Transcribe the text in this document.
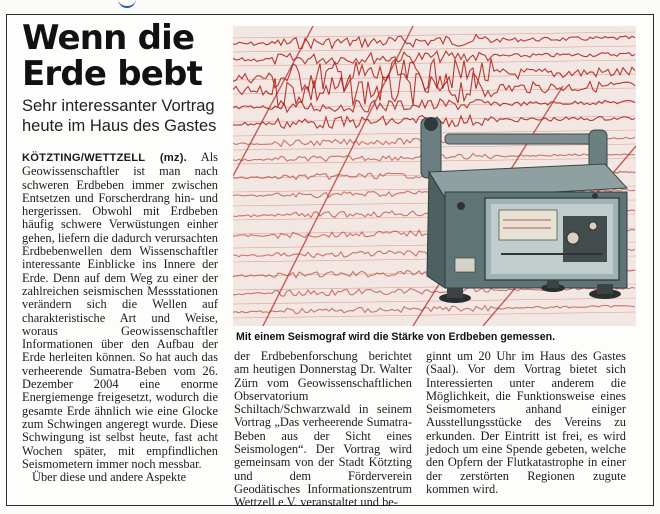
Wenn die Erde bebt
Sehr interessanter Vortrag heute im Haus des Gastes
KÖTZTING/WETTZELL (mz). Als Geowissenschaftler ist man nach schweren Erdbeben immer zwischen Entsetzen und Forscherdrang hin- und hergerissen. Obwohl mit Erdbeben häufig schwere Verwüstungen einher gehen, liefern die dadurch verursachten Erdbebenwellen dem Wissenschaftler interessante Einblicke ins Innere der Erde. Denn auf dem Weg zu einer der zahlreichen seismischen Messstationen verändern sich die Wellen auf charakteristische Art und Weise, woraus Geowissenschaftler Informationen über den Aufbau der Erde herleiten können. So hat auch das verheerende Sumatra-Beben vom 26. Dezember 2004 eine enorme Energiemenge freigesetzt, wodurch die gesamte Erde ähnlich wie eine Glocke zum Schwingen angeregt wurde. Diese Schwingung ist selbst heute, fast acht Wochen später, mit empfindlichen Seismometern immer noch messbar.
Über diese und andere Aspekte
Mit einem Seismograf wird die Stärke von Erdbeben gemessen.
der Erdbebenforschung berichtet am heutigen Donnerstag Dr. Walter Zürn vom Geowissenschaftlichen Observatorium Schiltach/Schwarzwald in seinem Vortrag „Das verheerende Sumatra-Beben aus der Sicht eines Seismologen“. Der Vortrag wird gemeinsam von der Stadt Kötzting und dem Förderverein Geodätisches Informationszentrum Wettzell e.V. veranstaltet und be-
ginnt um 20 Uhr im Haus des Gastes (Saal). Vor dem Vortrag bietet sich Interessierten unter anderem die Möglichkeit, die Funktionsweise eines Seismometers anhand einiger Ausstellungsstücke des Vereins zu erkunden. Der Eintritt ist frei, es wird jedoch um eine Spende gebeten, welche den Opfern der Flutkatastrophe in einer der zerstörten Regionen zugute kommen wird.
